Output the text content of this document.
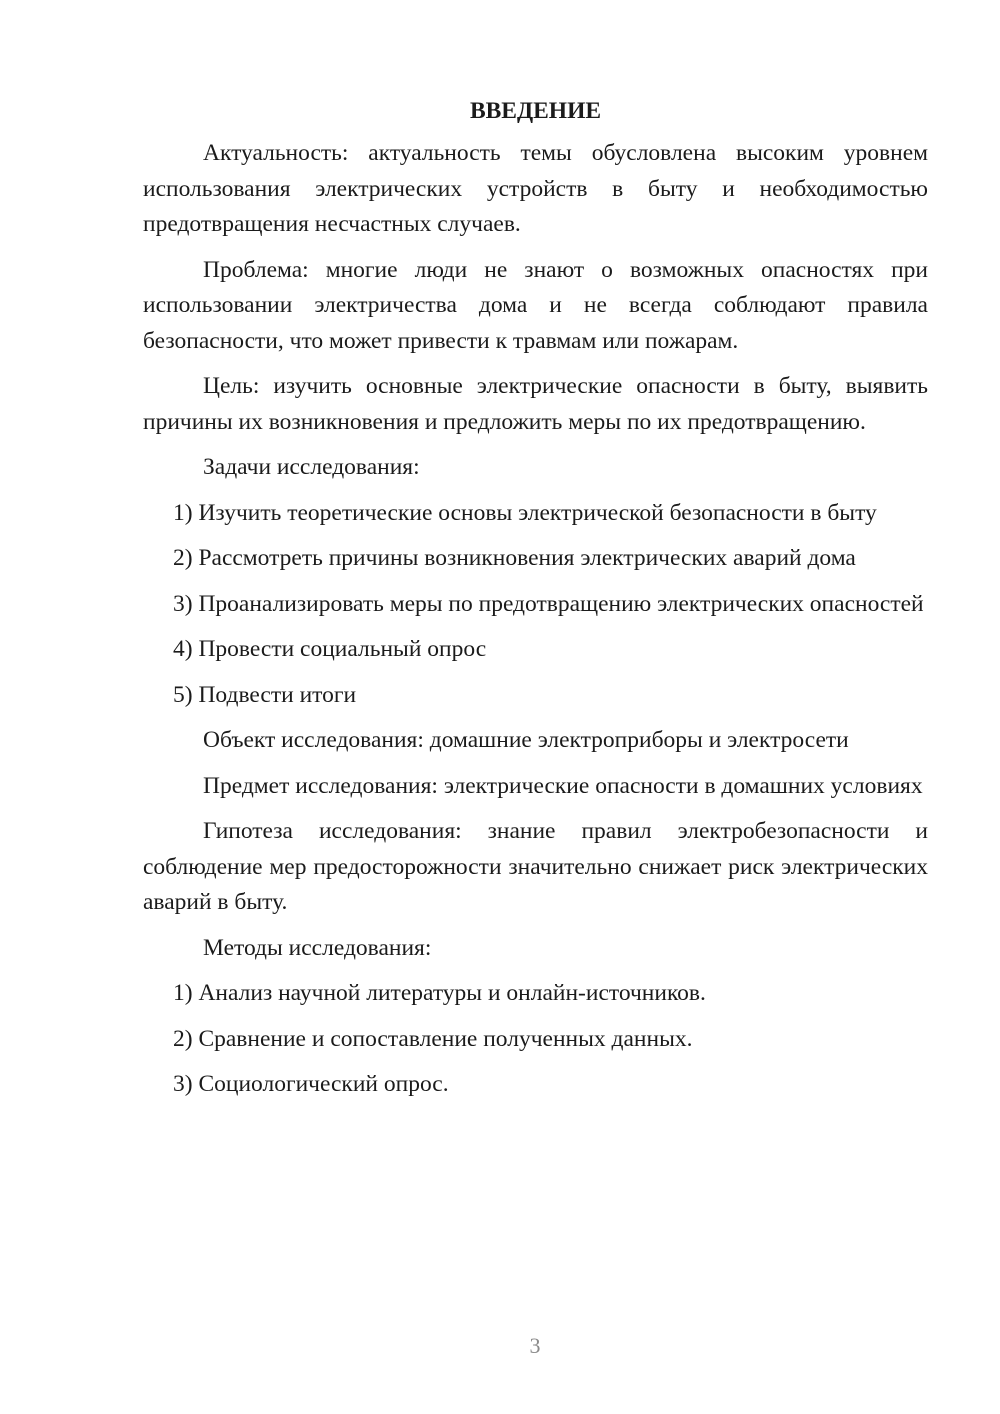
ВВЕДЕНИЕ
Актуальность: актуальность темы обусловлена высоким уровнем использования электрических устройств в быту и необходимостью предотвращения несчастных случаев.
Проблема: многие люди не знают о возможных опасностях при использовании электричества дома и не всегда соблюдают правила безопасности, что может привести к травмам или пожарам.
Цель: изучить основные электрические опасности в быту, выявить причины их возникновения и предложить меры по их предотвращению.
Задачи исследования:
1) Изучить теоретические основы электрической безопасности в быту
2) Рассмотреть причины возникновения электрических аварий дома
3) Проанализировать меры по предотвращению электрических опасностей
4) Провести социальный опрос
5) Подвести итоги
Объект исследования: домашние электроприборы и электросети
Предмет исследования: электрические опасности в домашних условиях
Гипотеза исследования: знание правил электробезопасности и соблюдение мер предосторожности значительно снижает риск электрических аварий в быту.
Методы исследования:
1) Анализ научной литературы и онлайн-источников.
2) Сравнение и сопоставление полученных данных.
3) Социологический опрос.
3
